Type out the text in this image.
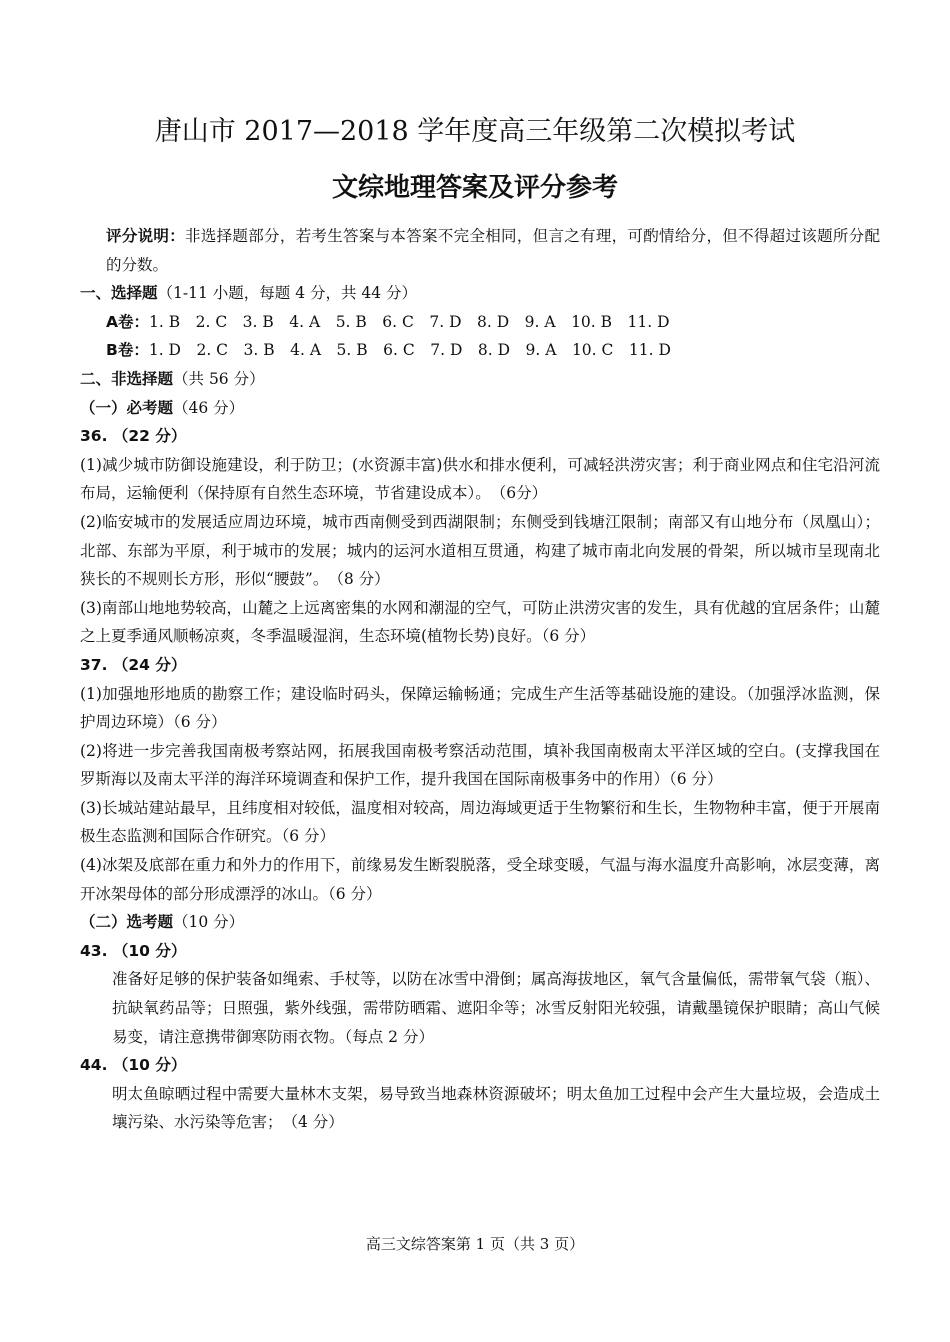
唐山市 2017—2018 学年度高三年级第二次模拟考试
文综地理答案及评分参考
评分说明：非选择题部分，若考生答案与本答案不完全相同，但言之有理，可酌情给分，但不得超过该题所分配的分数。
一、选择题（1-11 小题，每题 4 分，共 44 分）
A卷：1. B　2. C　3. B　4. A　5. B　6. C　7. D　8. D　9. A　10. B　11. D
B卷：1. D　2. C　3. B　4. A　5. B　6. C　7. D　8. D　9. A　10. C　11. D
二、非选择题（共 56 分）
（一）必考题（46 分）
36. （22 分）
(1)减少城市防御设施建设，利于防卫；(水资源丰富)供水和排水便利，可减轻洪涝灾害；利于商业网点和住宅沿河流布局，运输便利（保持原有自然生态环境，节省建设成本）。　（6分）
(2)临安城市的发展适应周边环境，城市西南侧受到西湖限制；东侧受到钱塘江限制；南部又有山地分布（凤凰山）；北部、东部为平原，利于城市的发展；城内的运河水道相互贯通，构建了城市南北向发展的骨架，所以城市呈现南北狭长的不规则长方形，形似“腰鼓”。　（8 分）
(3)南部山地地势较高，山麓之上远离密集的水网和潮湿的空气，可防止洪涝灾害的发生，具有优越的宜居条件；山麓之上夏季通风顺畅凉爽，冬季温暖湿润，生态环境(植物长势)良好。（6 分）
37. （24 分）
(1)加强地形地质的勘察工作；建设临时码头，保障运输畅通；完成生产生活等基础设施的建设。（加强浮冰监测，保护周边环境）（6 分）
(2)将进一步完善我国南极考察站网，拓展我国南极考察活动范围，填补我国南极南太平洋区域的空白。(支撑我国在罗斯海以及南太平洋的海洋环境调查和保护工作，提升我国在国际南极事务中的作用）（6 分）
(3)长城站建站最早，且纬度相对较低，温度相对较高，周边海域更适于生物繁衍和生长，生物物种丰富，便于开展南极生态监测和国际合作研究。（6 分）
(4)冰架及底部在重力和外力的作用下，前缘易发生断裂脱落，受全球变暖，气温与海水温度升高影响，冰层变薄，离开冰架母体的部分形成漂浮的冰山。（6 分）
（二）选考题（10 分）
43. （10 分）
准备好足够的保护装备如绳索、手杖等，以防在冰雪中滑倒；属高海拔地区，氧气含量偏低，需带氧气袋（瓶）、抗缺氧药品等；日照强，紫外线强，需带防晒霜、遮阳伞等；冰雪反射阳光较强，请戴墨镜保护眼睛；高山气候易变，请注意携带御寒防雨衣物。（每点 2 分）
44. （10 分）
明太鱼晾晒过程中需要大量林木支架，易导致当地森林资源破坏；明太鱼加工过程中会产生大量垃圾，会造成土壤污染、水污染等危害；　（4 分）
高三文综答案第 1 页（共 3 页）
